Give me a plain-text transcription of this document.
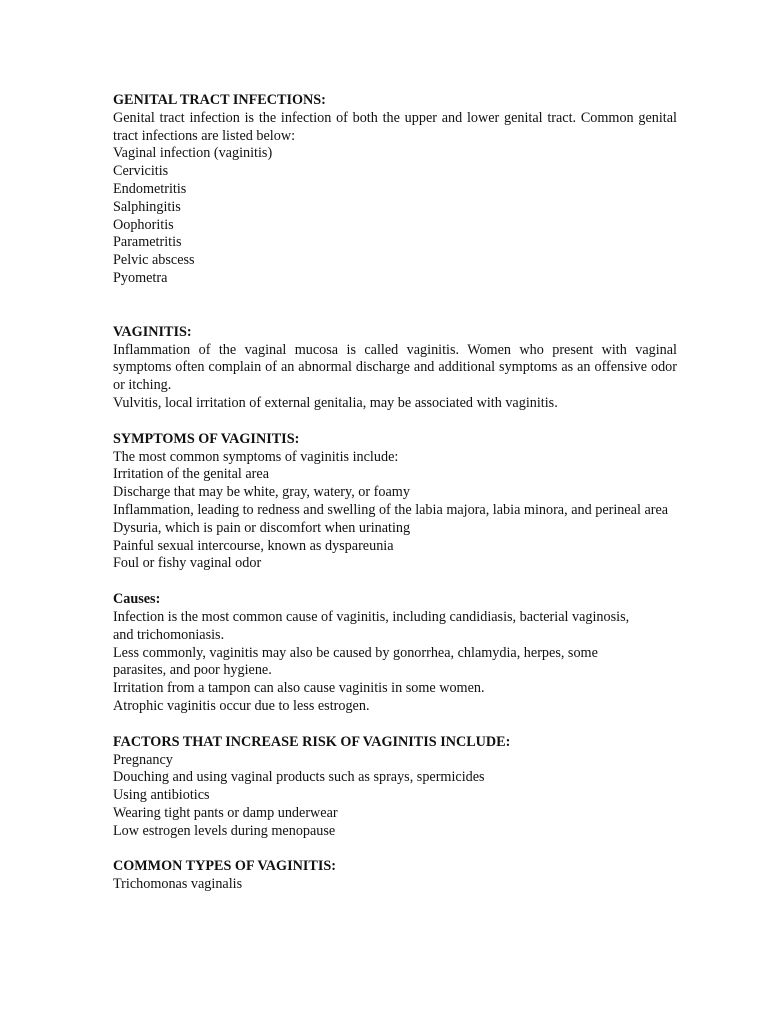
GENITAL TRACT INFECTIONS:
Genital tract infection is the infection of both the upper and lower genital tract. Common genital tract infections are listed below:
Vaginal infection (vaginitis)
Cervicitis
Endometritis
Salphingitis
Oophoritis
Parametritis
Pelvic abscess
Pyometra
VAGINITIS:
Inflammation of the vaginal mucosa is called vaginitis. Women who present with vaginal symptoms often complain of an abnormal discharge and additional symptoms as an offensive odor or itching.
Vulvitis, local irritation of external genitalia, may be associated with vaginitis.
SYMPTOMS OF VAGINITIS:
The most common symptoms of vaginitis include:
Irritation of the genital area
Discharge that may be white, gray, watery, or foamy
Inflammation, leading to redness and swelling of the labia majora, labia minora, and perineal area
Dysuria, which is pain or discomfort when urinating
Painful sexual intercourse, known as dyspareunia
Foul or fishy vaginal odor
Causes:
Infection is the most common cause of vaginitis, including candidiasis, bacterial vaginosis, and trichomoniasis.
Less commonly, vaginitis may also be caused by gonorrhea, chlamydia, herpes, some parasites, and poor hygiene.
Irritation from a tampon can also cause vaginitis in some women.
Atrophic vaginitis occur due to less estrogen.
FACTORS THAT INCREASE RISK OF VAGINITIS INCLUDE:
Pregnancy
Douching and using vaginal products such as sprays, spermicides
Using antibiotics
Wearing tight pants or damp underwear
Low estrogen levels during menopause
COMMON TYPES OF VAGINITIS:
Trichomonas vaginalis
